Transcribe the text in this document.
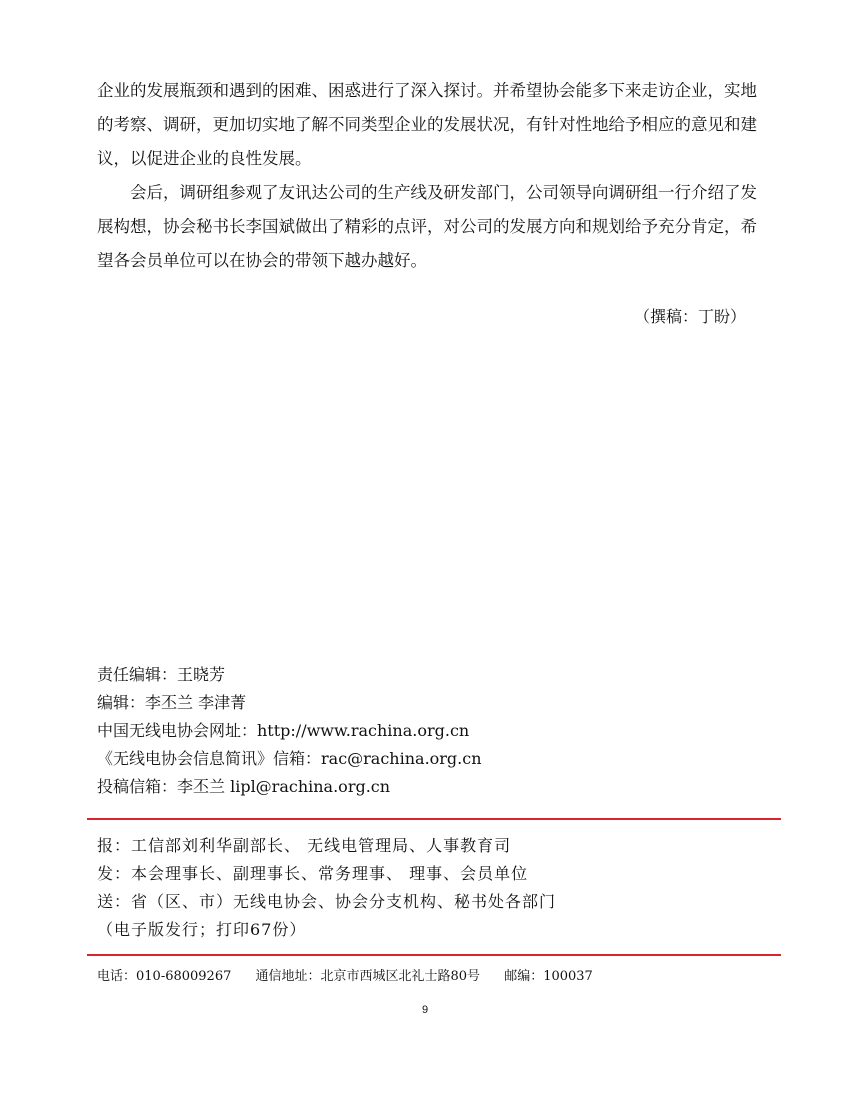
企业的发展瓶颈和遇到的困难、困惑进行了深入探讨。并希望协会能多下来走访企业，实地的考察、调研，更加切实地了解不同类型企业的发展状况，有针对性地给予相应的意见和建议，以促进企业的良性发展。
会后，调研组参观了友讯达公司的生产线及研发部门，公司领导向调研组一行介绍了发展构想，协会秘书长李国斌做出了精彩的点评，对公司的发展方向和规划给予充分肯定，希望各会员单位可以在协会的带领下越办越好。
（撰稿：丁盼）
责任编辑：王晓芳
编辑：李丕兰 李津菁
中国无线电协会网址：http://www.rachina.org.cn
《无线电协会信息简讯》信箱：rac@rachina.org.cn
投稿信箱：李丕兰 lipl@rachina.org.cn
报：工信部刘利华副部长、 无线电管理局、人事教育司
发：本会理事长、副理事长、常务理事、 理事、会员单位
送：省（区、市）无线电协会、协会分支机构、秘书处各部门
（电子版发行；打印67份）
电话：010-68009267 通信地址：北京市西城区北礼士路80号 邮编：100037
9
